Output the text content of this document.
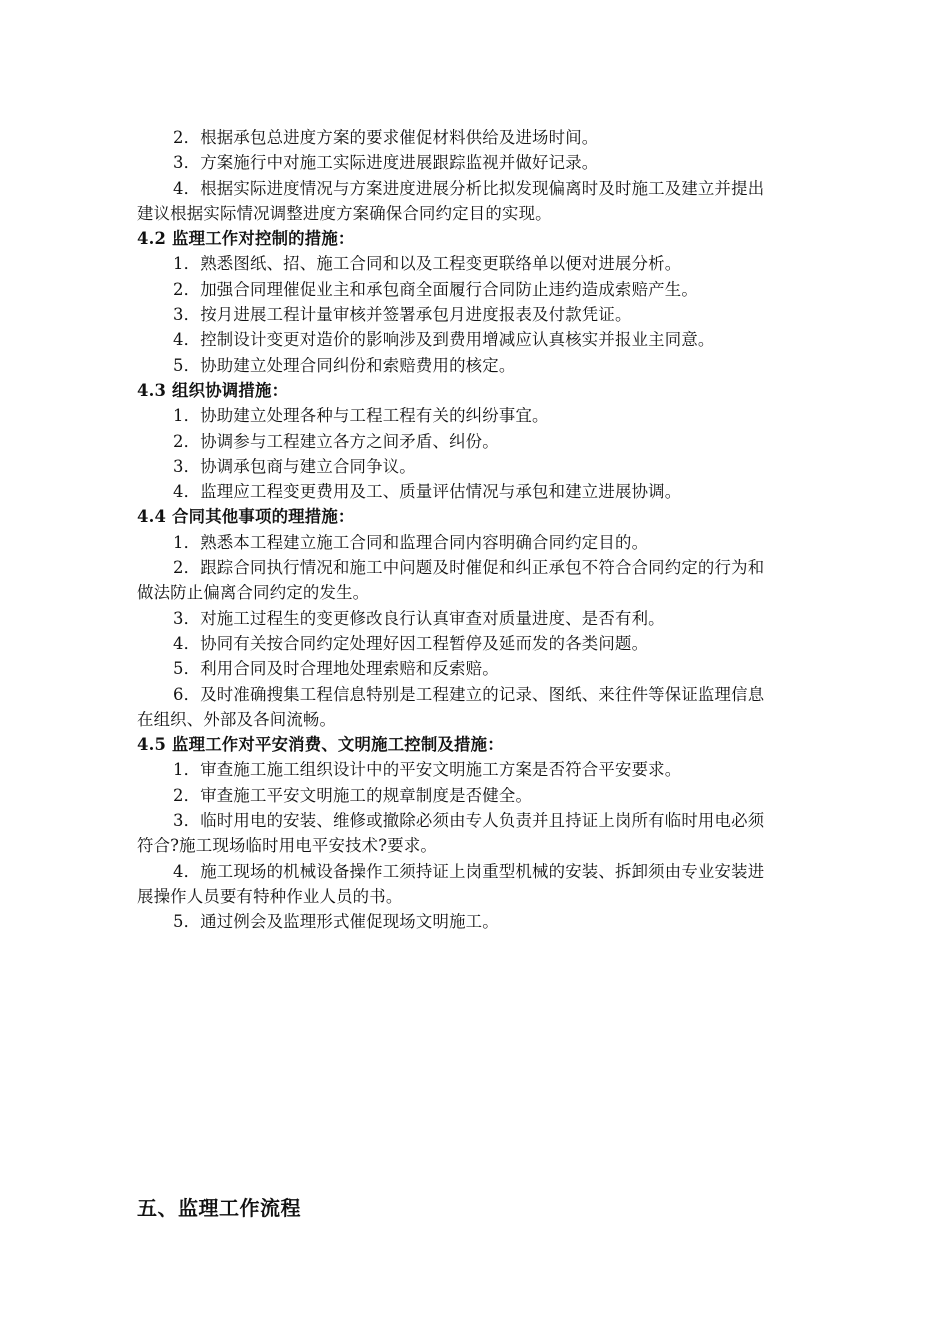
2．根据承包总进度方案的要求催促材料供给及进场时间。
3．方案施行中对施工实际进度进展跟踪监视并做好记录。
4．根据实际进度情况与方案进度进展分析比拟发现偏离时及时施工及建立并提出
建议根据实际情况调整进度方案确保合同约定目的实现。
4.2 监理工作对控制的措施：
1．熟悉图纸、招、施工合同和以及工程变更联络单以便对进展分析。
2．加强合同理催促业主和承包商全面履行合同防止违约造成索赔产生。
3．按月进展工程计量审核并签署承包月进度报表及付款凭证。
4．控制设计变更对造价的影响涉及到费用增减应认真核实并报业主同意。
5．协助建立处理合同纠份和索赔费用的核定。
4.3 组织协调措施：
1．协助建立处理各种与工程工程有关的纠纷事宜。
2．协调参与工程建立各方之间矛盾、纠份。
3．协调承包商与建立合同争议。
4．监理应工程变更费用及工、质量评估情况与承包和建立进展协调。
4.4 合同其他事项的理措施：
1．熟悉本工程建立施工合同和监理合同内容明确合同约定目的。
2．跟踪合同执行情况和施工中问题及时催促和纠正承包不符合合同约定的行为和
做法防止偏离合同约定的发生。
3．对施工过程生的变更修改良行认真审查对质量进度、是否有利。
4．协同有关按合同约定处理好因工程暂停及延而发的各类问题。
5．利用合同及时合理地处理索赔和反索赔。
6．及时准确搜集工程信息特别是工程建立的记录、图纸、来往件等保证监理信息
在组织、外部及各间流畅。
4.5 监理工作对平安消费、文明施工控制及措施：
1．审查施工施工组织设计中的平安文明施工方案是否符合平安要求。
2．审查施工平安文明施工的规章制度是否健全。
3．临时用电的安装、维修或撤除必须由专人负责并且持证上岗所有临时用电必须
符合?施工现场临时用电平安技术?要求。
4．施工现场的机械设备操作工须持证上岗重型机械的安装、拆卸须由专业安装进
展操作人员要有特种作业人员的书。
5．通过例会及监理形式催促现场文明施工。
五、监理工作流程
